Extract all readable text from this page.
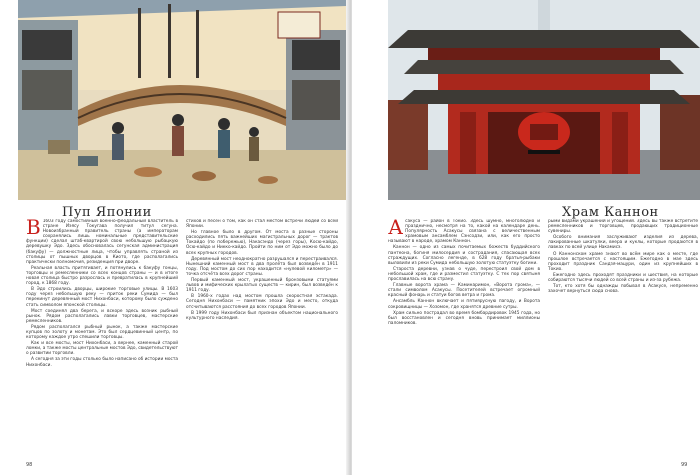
Пуп Японии

В 1603 году самостийный военно-феодальный властитель в стране Иэясу Токугава получил титул сегуна. Новоизбранный правитель страны (а императорам сохранялись лишь номинальные представительские функции) сделал штаб-квартирой свою небольшую рыбацкую деревушку Эдо. Здесь обосновалась сегунская администрация (бакуфу) — должностные лица, чтобы управлять страной из столицы от пышных дворцов в Киото, где располагались практически полномочия, резиденция при дворе.

Реальная власть притягивает, и потянулись к бакуфу гонцы, торговцы и ремесленники со всех концов страны — и в итоге новая столица быстро разрослась и превратилась в крупнейший город, к 1868 году.

В Эдо строились дворцы, широкие торговые улицы. В 1603 году через небольшую реку — приток реки Сумида — был перекинут деревянный мост Нихонбаси, которому было суждено стать символом японской столицы.

Мост соединял два берега, и вскоре здесь возник рыбный рынок. Рядом располагались лавки торговцев, мастерские ремесленников.

Рядом располагался рыбный рынок, а также мастерские купцов по золоту и монетам. Это был сердцевинный центр, по которому каждое утро спешили торговцы.

Как и все мосты, мост Нихонбаси, а вернее, каменный старой ломки, а также мосты центральные мостов Эдо, свидетельствуют о развитии торговли.

А сегодня за эти годы столько было написано об истории моста Нихонбаси.

стихов и песен о том, как он стал местом встречи людей со всей Японии.

Но главное было в другом. От моста в разные стороны расходились пять важнейших магистральных дорог — трактов Токайдо (по побережью), Накасэндо (через горы), Косю-кайдо, Осю-кайдо и Никко-кайдо. Пройти по ним от Эдо можно было до всех крупных городов.

Деревянный мост неоднократно разрушался и перестраивался. Нынешний каменный мост в два пролёта был возведён в 1911 году. Под мостом до сих пор находится «нулевой километр» — точка отсчёта всех дорог страны.

Первый каменный мост, украшенный бронзовыми статуями львов и мифических крылатых существ — кирин, был возведён к 1911 году.

В 1960-х годах над мостом прошла скоростная эстакада. Сегодня Нихонбаси — памятник эпохи Эдо и место, откуда отсчитываются расстояния до всех городов Японии.

В 1999 году Нихонбаси был признан объектом национального культурного наследия.

98
Храм Каннон

Асакуса — район в Токио. Здесь шумно, многолюдно и празднично, несмотря на то, какой на календаре день. Популярность Асакусы связана с величественным храмовым ансамблем Сэнсодзи, или, как его просто называют в народе, храмом Каннон.

Каннон — одно из самых почитаемых божеств буддийского пантеона, богиня милосердия и сострадания, спасающая всех страждущих. Согласно легенде, в 628 году братья-рыбаки выловили из реки Сумида небольшую золотую статуэтку богини.

Староста деревни, узнав о чуде, перестроил свой дом в небольшой храм, где и разместил статуэтку. С тех пор святыня прославилась на всю страну.

Главные ворота храма — Каминаримон, «Ворота грома», — стали символом Асакусы. Посетителей встречает огромный красный фонарь и статуи богов ветра и грома.

Ансамбль Каннон включает и пятиярусную пагоду, и Ворота сокровищницы — Хозомон, где хранятся древние сутры.

Храм сильно пострадал во время бомбардировок 1945 года, но был восстановлен и сегодня вновь принимает миллионы паломников.

рыми видами украшений и угощений. Здесь вы также встретите ремесленников и торговцев, продающих традиционные сувениры.

Особого внимания заслуживают изделия из дерева, лакированные шкатулки, веера и куклы, которые продаются в лавках по всей улице Накамисэ.

О Каннонском храме знают во всём мире как о месте, где прошлое встречается с настоящим. Ежегодно в мае здесь проходит праздник Сандзя-мацури, один из крупнейших в Токио.

Ежегодно здесь проходят праздники и шествия, на которые собираются тысячи людей со всей страны и из-за рубежа.

Тот, кто хотя бы однажды побывал в Асакусе, непременно захочет вернуться сюда снова.

99
